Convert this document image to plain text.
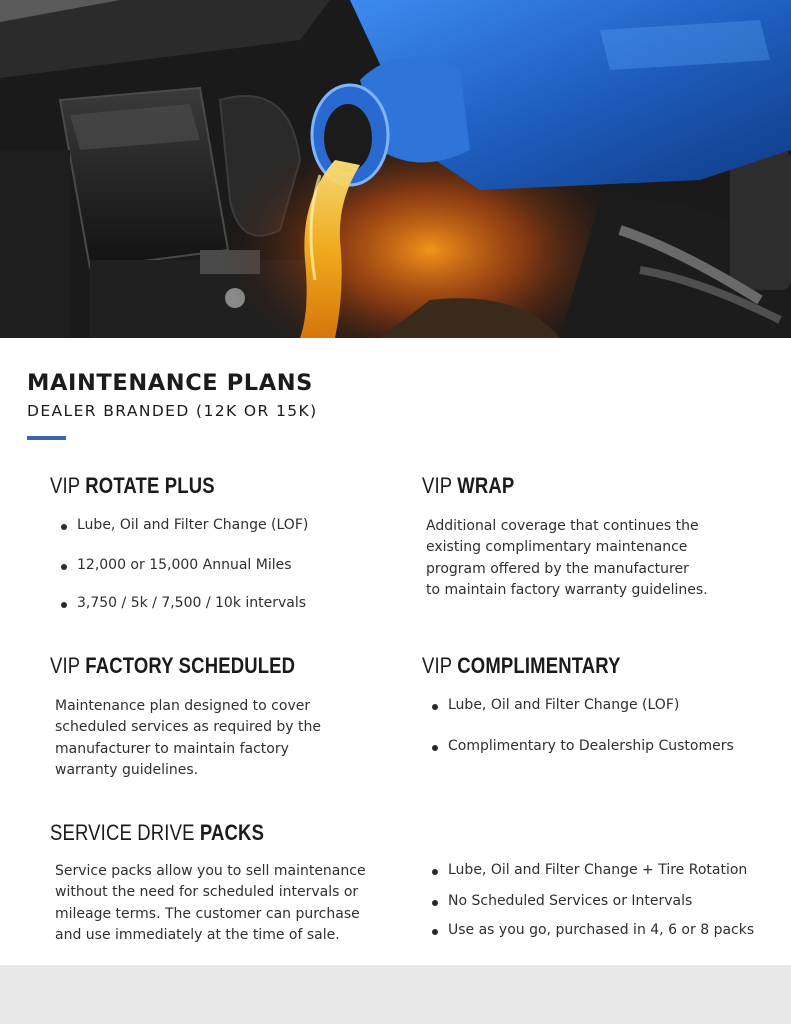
MAINTENANCE PLANS
DEALER BRANDED (12K OR 15K)
VIP ROTATE PLUS
Lube, Oil and Filter Change (LOF)
12,000 or 15,000 Annual Miles
3,750 / 5k / 7,500 / 10k intervals
VIP WRAP

Additional coverage that continues the
existing complimentary maintenance
program offered by the manufacturer
to maintain factory warranty guidelines.

VIP FACTORY SCHEDULED

Maintenance plan designed to cover
scheduled services as required by the
manufacturer to maintain factory
warranty guidelines.

VIP COMPLIMENTARY
Lube, Oil and Filter Change (LOF)
Complimentary to Dealership Customers
SERVICE DRIVE PACKS

Service packs allow you to sell maintenance
without the need for scheduled intervals or
mileage terms. The customer can purchase
and use immediately at the time of sale.

Lube, Oil and Filter Change + Tire Rotation
No Scheduled Services or Intervals
Use as you go, purchased in 4, 6 or 8 packs
